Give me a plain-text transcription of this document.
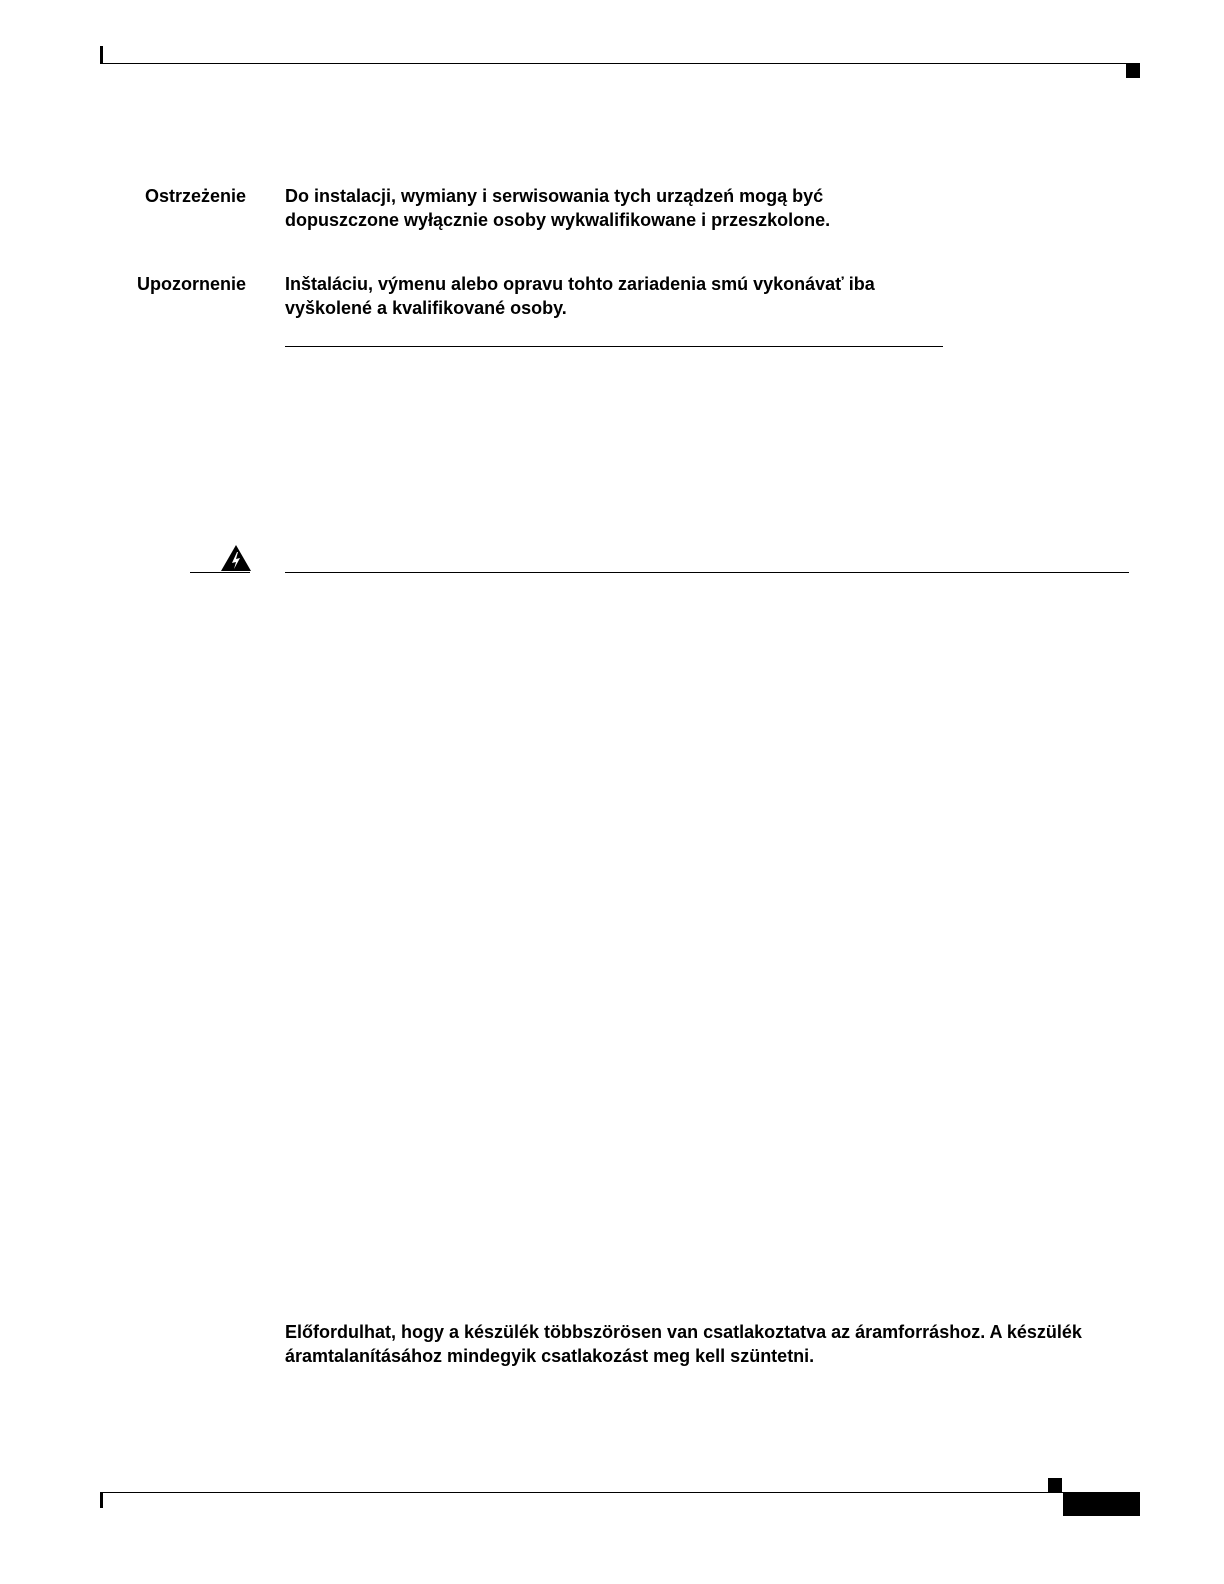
Ostrzeżenie Do instalacji, wymiany i serwisowania tych urządzeń mogą być
dopuszczone wyłącznie osoby wykwalifikowane i przeszkolone.
Upozornenie Inštaláciu, výmenu alebo opravu tohto zariadenia smú vykonávať iba
vyškolené a kvalifikované osoby.
Előfordulhat, hogy a készülék többszörösen van csatlakoztatva az áramforráshoz. A készülék
áramtalanításához mindegyik csatlakozást meg kell szüntetni.
